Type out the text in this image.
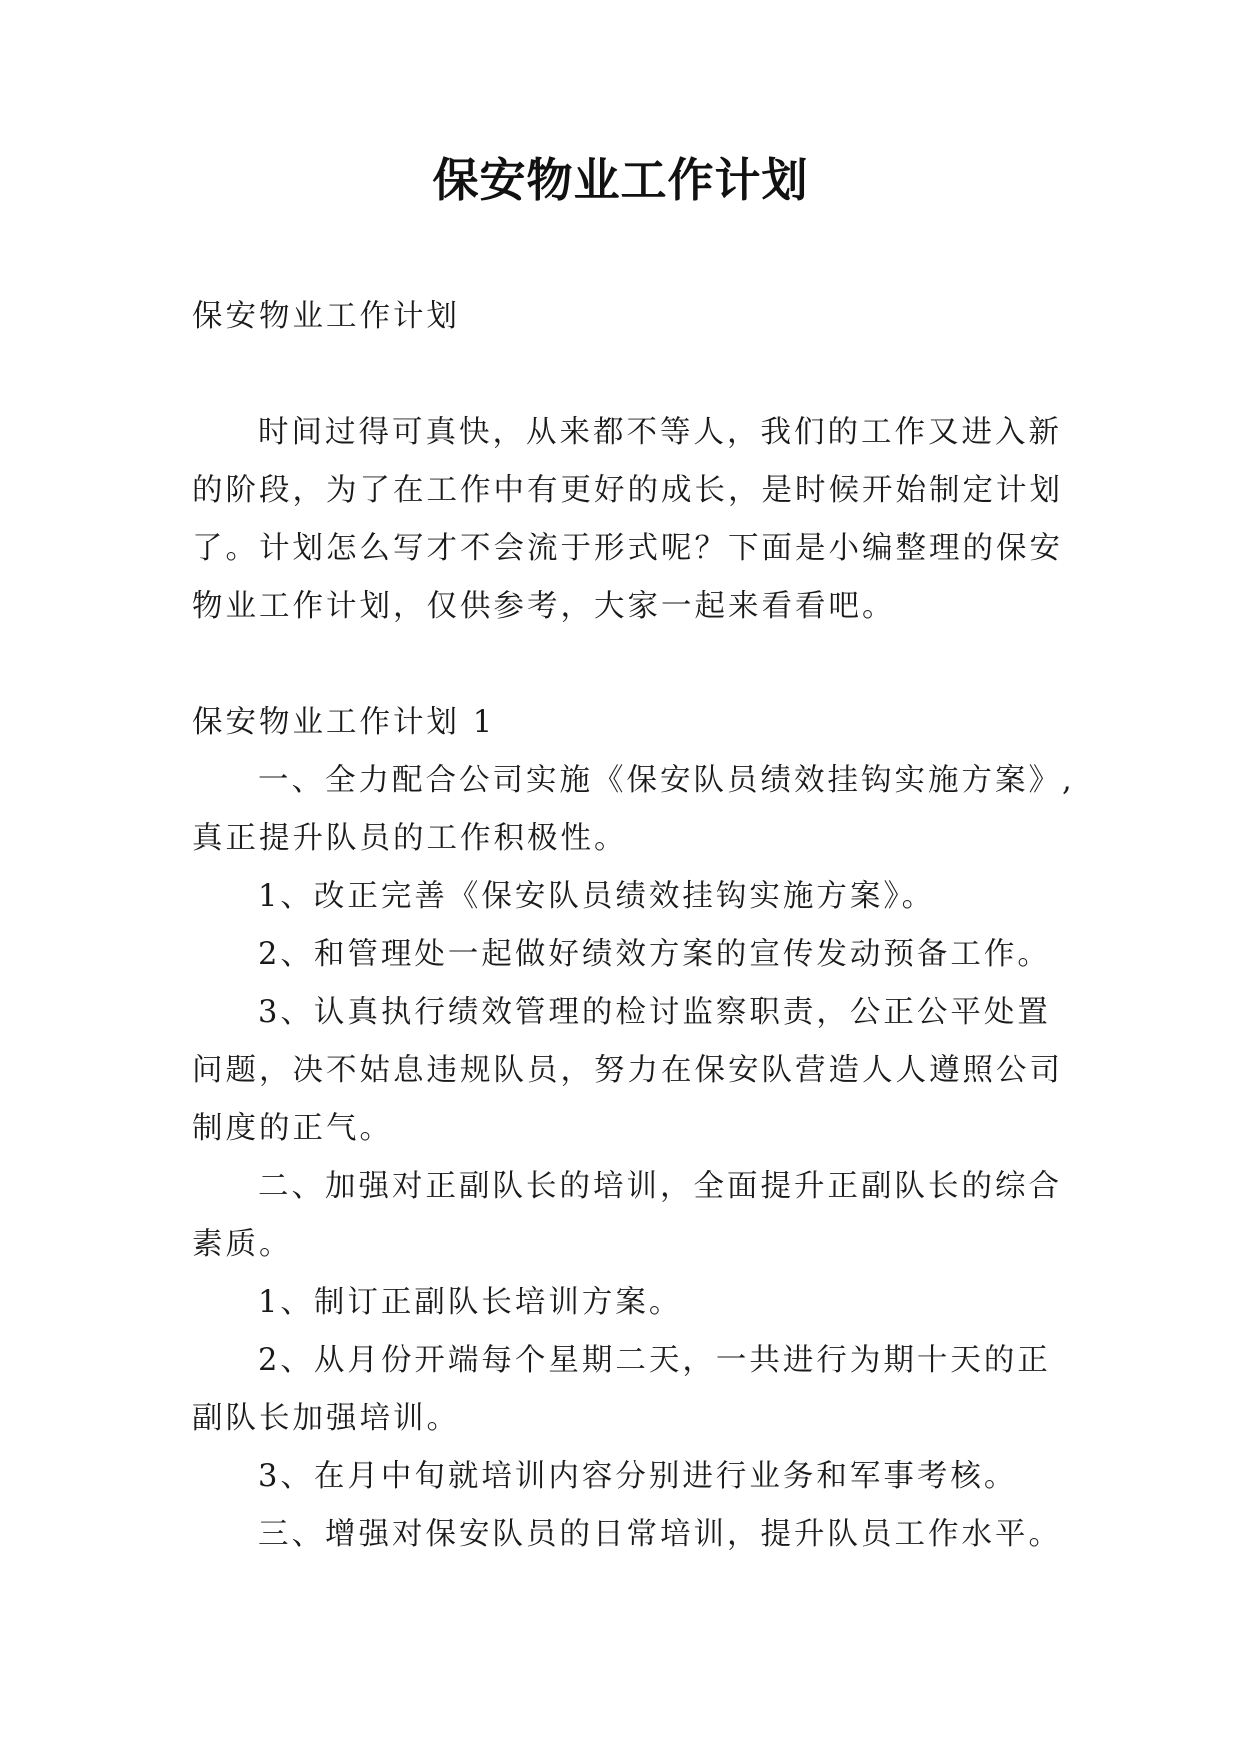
保安物业工作计划

保安物业工作计划

时间过得可真快，从来都不等人，我们的工作又进入新

的阶段，为了在工作中有更好的成长，是时候开始制定计划

了。计划怎么写才不会流于形式呢？下面是小编整理的保安

物业工作计划，仅供参考，大家一起来看看吧。

保安物业工作计划 1

一、全力配合公司实施《保安队员绩效挂钩实施方案》,

真正提升队员的工作积极性。

1、改正完善《保安队员绩效挂钩实施方案》。

2、和管理处一起做好绩效方案的宣传发动预备工作。

3、认真执行绩效管理的检讨监察职责，公正公平处置

问题，决不姑息违规队员，努力在保安队营造人人遵照公司

制度的正气。

二、加强对正副队长的培训，全面提升正副队长的综合

素质。

1、制订正副队长培训方案。

2、从月份开端每个星期二天，一共进行为期十天的正

副队长加强培训。

3、在月中旬就培训内容分别进行业务和军事考核。

三、增强对保安队员的日常培训，提升队员工作水平。
